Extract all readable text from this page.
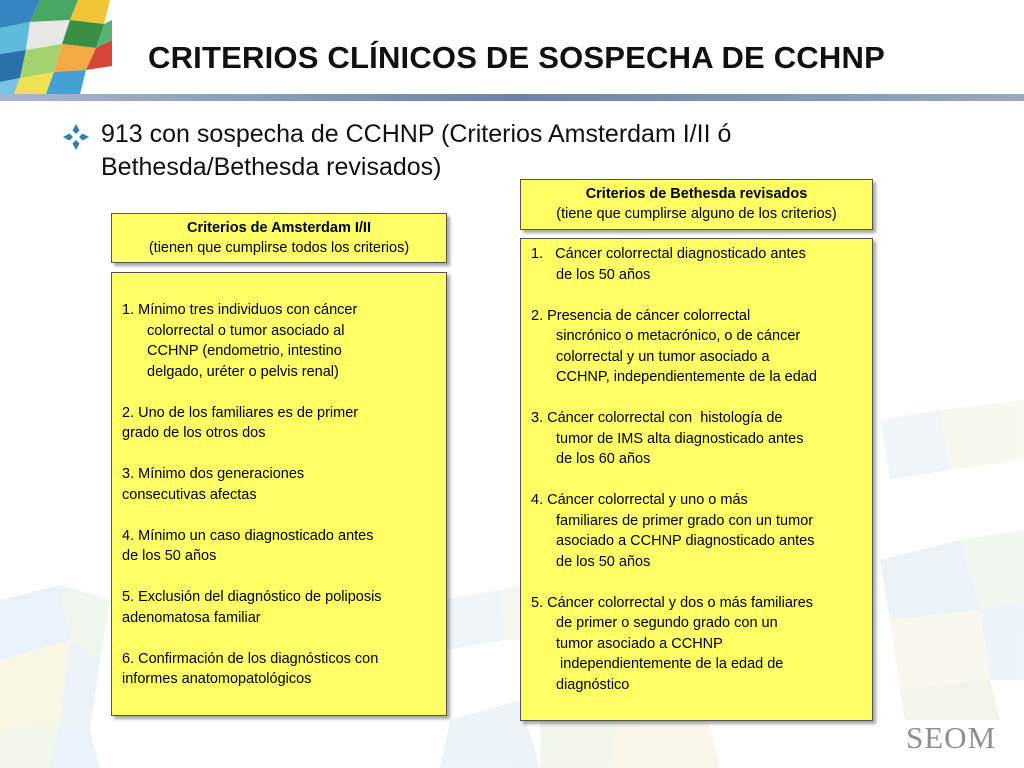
CRITERIOS CLÍNICOS DE SOSPECHA DE CCHNP
913 con sospecha de CCHNP (Criterios Amsterdam I/II ó
Bethesda/Bethesda revisados)
Criterios de Amsterdam I/II
(tienen que cumplirse todos los criterios)
Criterios de Bethesda revisados
(tiene que cumplirse alguno de los criterios)
1. Mínimo tres individuos con cáncer
colorrectal o tumor asociado al
CCHNP (endometrio, intestino
delgado, uréter o pelvis renal)
2. Uno de los familiares es de primer
grado de los otros dos
3. Mínimo dos generaciones
consecutivas afectas
4. Mínimo un caso diagnosticado antes
de los 50 años
5. Exclusión del diagnóstico de poliposis
adenomatosa familiar
6. Confirmación de los diagnósticos con
informes anatomopatológicos
1.   Cáncer colorrectal diagnosticado antes
de los 50 años
2. Presencia de cáncer colorrectal
sincrónico o metacrónico, o de cáncer
colorrectal y un tumor asociado a
CCHNP, independientemente de la edad
3. Cáncer colorrectal con  histología de
tumor de IMS alta diagnosticado antes
de los 60 años
4. Cáncer colorrectal y uno o más
familiares de primer grado con un tumor
asociado a CCHNP diagnosticado antes
de los 50 años
5. Cáncer colorrectal y dos o más familiares
de primer o segundo grado con un
tumor asociado a CCHNP
independientemente de la edad de
diagnóstico
SEOM
